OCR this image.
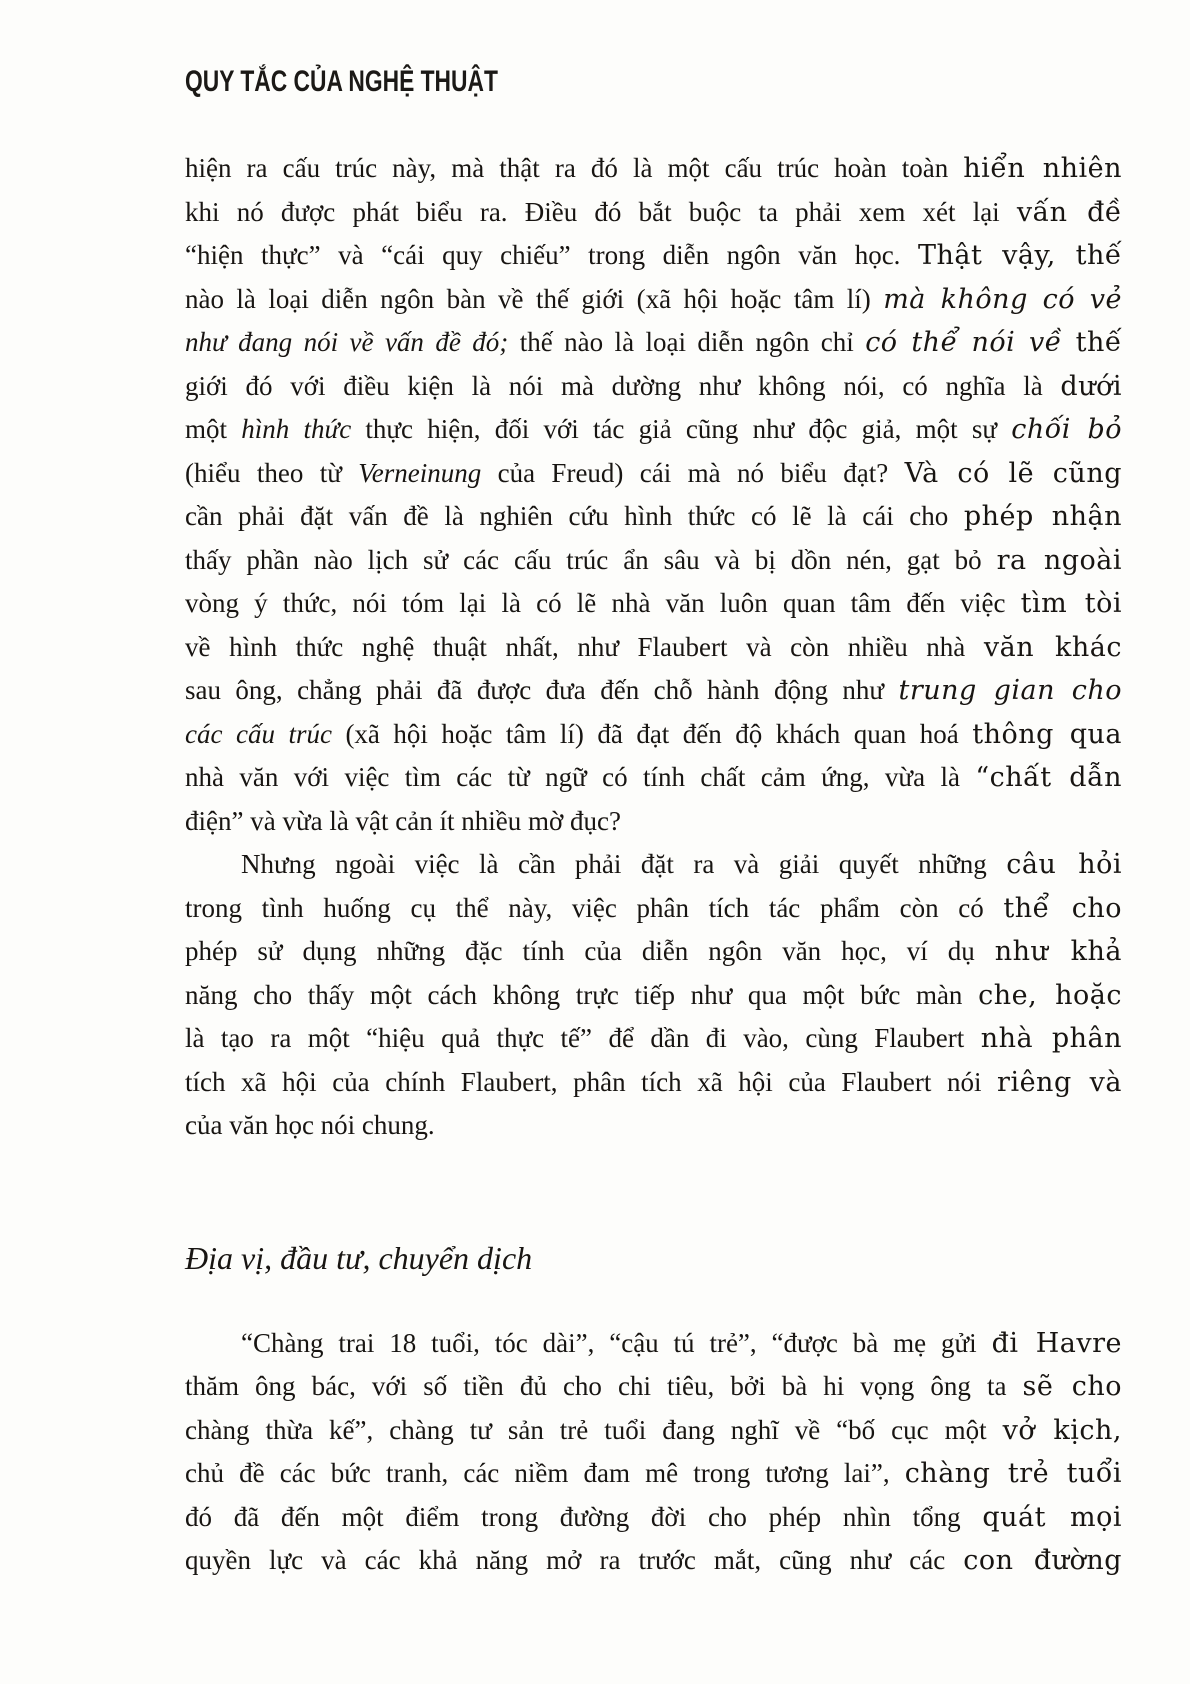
QUY TẮC CỦA NGHỆ THUẬT
hiện ra cấu trúc này, mà thật ra đó là một cấu trúc hoàn toàn hiển nhiên
khi nó được phát biểu ra. Điều đó bắt buộc ta phải xem xét lại vấn đề
“hiện thực” và “cái quy chiếu” trong diễn ngôn văn học. Thật vậy, thế
nào là loại diễn ngôn bàn về thế giới (xã hội hoặc tâm lí) mà không có vẻ
như đang nói về vấn đề đó; thế nào là loại diễn ngôn chỉ có thể nói về thế
giới đó với điều kiện là nói mà dường như không nói, có nghĩa là dưới
một hình thức thực hiện, đối với tác giả cũng như độc giả, một sự chối bỏ
(hiểu theo từ Verneinung của Freud) cái mà nó biểu đạt? Và có lẽ cũng
cần phải đặt vấn đề là nghiên cứu hình thức có lẽ là cái cho phép nhận
thấy phần nào lịch sử các cấu trúc ẩn sâu và bị dồn nén, gạt bỏ ra ngoài
vòng ý thức, nói tóm lại là có lẽ nhà văn luôn quan tâm đến việc tìm tòi
về hình thức nghệ thuật nhất, như Flaubert và còn nhiều nhà văn khác
sau ông, chẳng phải đã được đưa đến chỗ hành động như trung gian cho
các cấu trúc (xã hội hoặc tâm lí) đã đạt đến độ khách quan hoá thông qua
nhà văn với việc tìm các từ ngữ có tính chất cảm ứng, vừa là “chất dẫn
điện” và vừa là vật cản ít nhiều mờ đục?
Nhưng ngoài việc là cần phải đặt ra và giải quyết những câu hỏi
trong tình huống cụ thể này, việc phân tích tác phẩm còn có thể cho
phép sử dụng những đặc tính của diễn ngôn văn học, ví dụ như khả
năng cho thấy một cách không trực tiếp như qua một bức màn che, hoặc
là tạo ra một “hiệu quả thực tế” để dần đi vào, cùng Flaubert nhà phân
tích xã hội của chính Flaubert, phân tích xã hội của Flaubert nói riêng và
của văn học nói chung.
Địa vị, đầu tư, chuyển dịch
“Chàng trai 18 tuổi, tóc dài”, “cậu tú trẻ”, “được bà mẹ gửi đi Havre
thăm ông bác, với số tiền đủ cho chi tiêu, bởi bà hi vọng ông ta sẽ cho
chàng thừa kế”, chàng tư sản trẻ tuổi đang nghĩ về “bố cục một vở kịch,
chủ đề các bức tranh, các niềm đam mê trong tương lai”, chàng trẻ tuổi
đó đã đến một điểm trong đường đời cho phép nhìn tổng quát mọi
quyền lực và các khả năng mở ra trước mắt, cũng như các con đường
